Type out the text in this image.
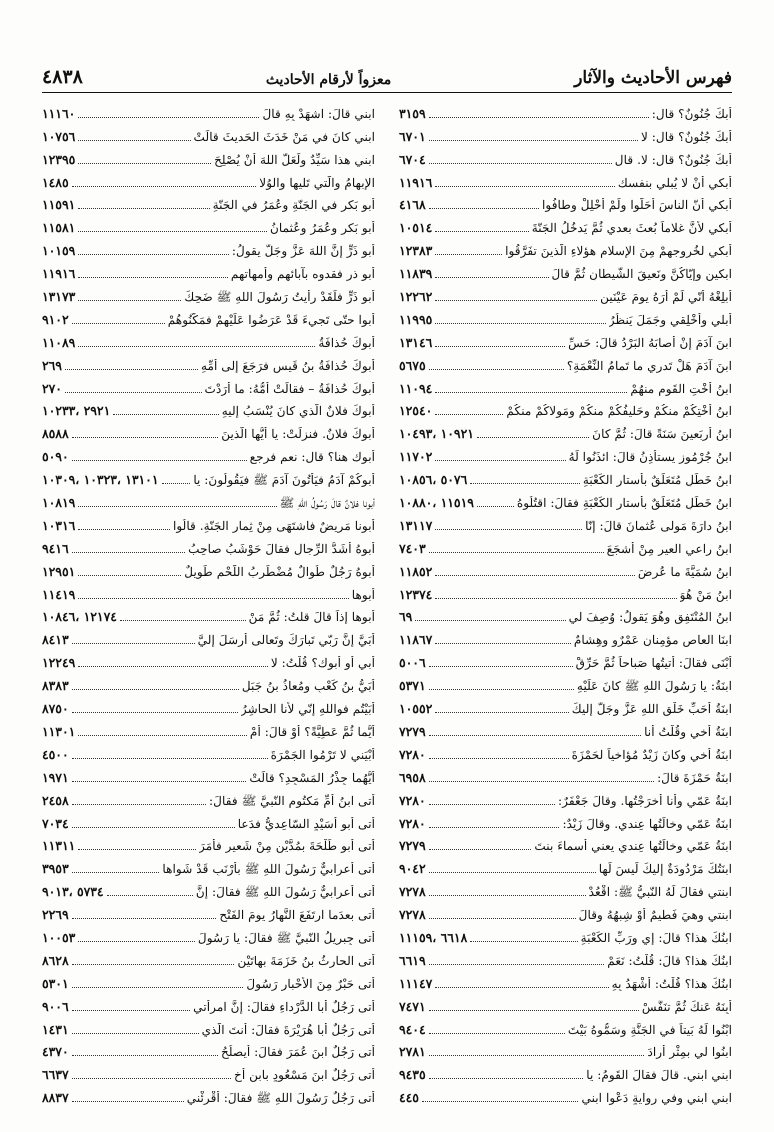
فهرس الأحاديث والآثار
معزواً لأرقام الأحاديث
٤٨٣٨
أبكَ جُنُونٌ؟ قال:
٣١٥٩
أبكَ جُنُونٌ؟ قال: لا
٦٧٠١
أبكَ جُنُونٌ؟ قال: لا. قال
٦٧٠٤
أبكي أنْ لا يُبلي بنفسك
١١٩١٦
أبكي أنّ الناسَ أحَلُّوا ولَمْ أحْلِلْ وطافُوا
٤١٦٨
أبكي لأنَّ غلاماً بُعثَ بعدي ثُمَّ يَدخُلُ الجَنّةَ
١٠٥١٤
أبكي لخُروجهِمْ مِنَ الإسلامِ هؤلاءِ الّذينَ تفَرَّقُوا
١٢٣٨٣
ابكين وإيّاكُنَّ ونَعيقَ الشّيطانِ ثُمَّ قالَ
١١٨٣٩
أبلِغْهُ أنّي لَمْ أرَهُ يومَ عَيْنَينِ
١٢٢٦٢
أبلي وأخْلِقي وجَمَلَ يَنظُرُ
١١٩٩٥
ابنَ آدَمَ إنْ أصابَهُ البَرْدُ قالَ: حَسِّ
١٣١٤٦
ابنَ آدَمَ هَلْ تَدري ما تَمامُ النِّعْمَةِ؟
٥٦٧٥
ابنُ أُخْتِ القَومِ منهُمْ
١١٠٩٤
ابنُ أُخْتِكُمْ منكُمْ وحَليفُكُمْ منكُمْ ومَولاكُمْ منكُمْ
١٢٥٤٠
ابنُ أربَعينَ سَنَةً قالَ: ثُمَّ كانَ
١٠٩٢١ ،١٠٤٩٣
ابنُ جُرْمُوزٍ يستأذِنُ قالَ: ائذَنُوا لَهُ
١١٧٠٢
ابنُ خَطَلٍ مُتَعَلِّقٌ بأستارِ الكَعْبَةِ
٥٠٧٦ ،١٠٨٥٦
ابنُ خَطَلٍ مُتَعَلِّقٌ بأستارِ الكَعْبَةِ فقالَ: اقتُلُوهُ
١١٥١٩ ،١٠٨٨٠
ابنُ دارَةَ مَولى عُثمانَ قالَ: إنّا
١٣١١٧
ابنُ راعي العيرِ مِنْ أشجَعَ
٧٤٠٣
ابنُ سُمَيَّةَ ما عُرِضَ
١١٨٥٢
ابنُ مَنْ هُوَ
١٢٣٧٤
ابنُ المُنْتَفِقِ وهُوَ يَقولُ: وُصِفَ لي
٦٩
ابنَا العاصِ مؤمِنانِ عَمْرٌو وهِشامٌ
١١٨٦٧
أبْنَى فقالَ: أتيتُها صَباحاً ثُمَّ حَرِّقْ
٥٠٠٦
ابنَةُ: يا رَسُولَ اللهِ ﷺ كانَ عَلَيْهِ
٥٣٧١
ابنَةُ أحَبِّ خَلْقِ اللهِ عَزَّ وجَلَّ إليكَ
١٠٥٥٢
ابنَةُ أخي وقُلْتُ أنا
٧٢٧٩
ابنَةُ أخي وكانَ زَيْدٌ مُؤاخياً لحَمْزَةَ
٧٢٨٠
ابنَةُ حَمْزَةَ قالَ:
٦٩٥٨
ابنَةُ عَمّي وأنا أخرَجْتُها. وقالَ جَعْفَرٌ:
٧٢٨٠
ابنَةُ عَمّي وخالَتُها عِندي. وقالَ زَيْدٌ:
٧٢٨٠
ابنَةُ عَمّي وخالَتُها عِندي يعني أسماءَ بنتَ
٧٢٧٩
ابنَتُكَ مَرْدُودَةٌ إليكَ لَيسَ لَها
٩٠٤٢
ابنتي فقالَ لَهُ النّبيُّ ﷺ: اقْعُدْ
٧٢٧٨
ابنتي وهيَ فَطيمٌ أوْ شِبهُهُ وقالَ
٧٢٧٨
ابنُكَ هذا؟ قالَ: إي ورَبِّ الكَعْبَةِ
٦٦١٨ ،١١١٥٩
ابنُكَ هذا؟ قالَ: قُلْتُ: نَعَمْ
٦٦١٩
ابنُكَ هذا؟ قُلْتُ: أشْهَدُ بِهِ
١١١٤٧
أبِنَهُ عَنكَ ثُمَّ تنَفَّسْ
٧٤٧١
ابْنُوا لَهُ بَيتاً في الجَنَّةِ وسَمُّوهُ بَيْتَ
٩٤٠٤
ابنُوا لي بمِثْرِ أرادَ
٢٧٨١
ابني ابني. قالَ فقالَ القَومُ: يا
٩٤٣٥
ابني ابني وفي رِوايةٍ دَعْوا ابني
٤٤٥
ابني قالَ: اشهَدْ بِهِ قالَ
١١١٦٠
ابني كانَ في مَنْ خَدَثَ الحَديثَ قالَتْ
١٠٧٥٦
ابني هذا سَيِّدٌ ولَعَلَّ اللهَ أنْ يُصْلِحَ
١٢٣٩٥
الإبهامُ والّتي تَليها والوُلا
١٤٨٥
أبو بَكرٍ في الجَنّةِ وعُمَرُ في الجَنّةِ
١١٥٩١
أبو بَكرٍ وعُمَرُ وعُثمانُ
١١٥٨١
أبو ذَرٍّ إنَّ اللهَ عَزَّ وجَلَّ يقولُ:
١٠١٥٩
أبو ذر فقدوه بآبائهم وأمهاتهم
١١٩١٦
أبو ذَرٍّ فلَقَدْ رأيتُ رَسُولَ اللهِ ﷺ ضَحِكَ
١٣١٧٣
أبوا حتّى تَجيءَ قَدْ عَرَضُوا عَلَيْهِمْ فمَكَّنُوهُمْ
٩١٠٢
أبوكَ حُذافَةُ
١١٠٨٩
أبوكَ حُذافَةُ بنُ قَيسٍ فرَجَعَ إلى أُمِّهِ
٢٦٩
أبوكَ حُذافَةُ – فقالَتْ أُمُّهُ: ما أرَدْتَ
٢٧٠
أبوكَ فلانٌ الّذي كانَ يُنْسَبُ إليهِ
٢٩٢١ ،١٠٢٣٣
أبوكَ فلانٌ. فنزلَتْ: يا أيُّها الّذينَ
٨٥٨٨
أبوك هنا؟ قال: نعم فرجع
٥٠٩٠
أبوكُمْ آدَمُ فيَأتُونَ آدَمَ ﷺ فيَقُولُونَ: يا
١٣١٠١ ،١٠٣٢٣ ،١٠٣٠٩
أبونا فلانٌ قالَ رَسُولُ اللهِ ﷺ
١٠٨١٩
أبونا مَريضٌ فاشتَهَى مِنْ ثِمارِ الجَنّةِ. قالُوا
١٠٣١٦
أبوهُ أشَدُّ الرِّجالِ فقالَ حَوْشَبُ صاحِبُ
٩٤١٦
أبوهُ رَجُلٌ طُوالٌ مُضْطَرِبُ اللَّحْمِ طَويلٌ
١٢٩٥١
أبوها
١١٤١٩
أبوها إذاً قالَ قلتُ: ثُمَّ مَنْ
١٢١٧٤ ،١٠٨٤٦
أبَيَّ إنَّ رَبّي تَبارَكَ وتَعالى أرسَلَ إليَّ
٨٤١٣
أبي أو أبوك؟ قُلْتُ: لا
١٢٢٤٩
أُبَيُّ بنُ كَعْبٍ ومُعاذُ بنُ جَبَلٍ
٨٣٨٣
أبَيْتُم فواللهِ إنّي لأنا الحاشِرُ
٨٧٥٠
أيُّما ثُمَّ عَطِيَّةً؟ أوْ قالَ: أمْ
١١٣٠١
أبْيَني لا تَرْمُوا الجَمْرَةَ
٤٥٠٠
أيُّهُما جِذْرُ المَسْجِدِ؟ قالَتْ
١٩٧١
أتى ابنُ أُمِّ مَكتُومٍ النّبيَّ ﷺ فقالَ:
٢٤٥٨
أتى أبو أُسَيْدٍ السّاعِديُّ فدَعا
٧٠٣٤
أتى أبو طَلْحَةَ بمُدَّيْنِ مِنْ شَعيرٍ فأمَرَ
١١٣١١
أتى أعرابيٌّ رَسُولَ اللهِ ﷺ بأرْنَبٍ قَدْ شَواها
٣٩٥٣
أتى أعرابيٌّ رَسُولَ اللهِ ﷺ فقالَ: إنَّ
٥٧٣٤ ،٩٠١٣
أتى بعدَما ارتَفَعَ النَّهارُ يومَ الفَتْحِ
٢٢٦٩
أتى جِبريلُ النّبيَّ ﷺ فقالَ: يا رَسُولَ
١٠٠٥٣
أتى الحارِثُ بنُ خَزَمَةَ بهاتَيْنِ
٨٦٢٨
أتى حَبْرٌ مِنَ الأحْبارِ رَسُولَ
٥٣٠١
أتى رَجُلٌ أبا الدَّرْداءِ فقالَ: إنَّ امرأتي
٩٠٠٦
أتى رَجُلٌ أبا هُرَيْرَةَ فقالَ: أنتَ الّذي
١٤٣١
أتى رَجُلٌ ابنَ عُمَرَ فقالَ: أيصلُحُ
٤٣٧٠
أتى رَجُلٌ ابنَ مَسْعُودٍ بابنِ أخٍ
٦٦٣٧
أتى رَجُلٌ رَسُولَ اللهِ ﷺ فقالَ: أقْرِئْني
٨٨٣٧
